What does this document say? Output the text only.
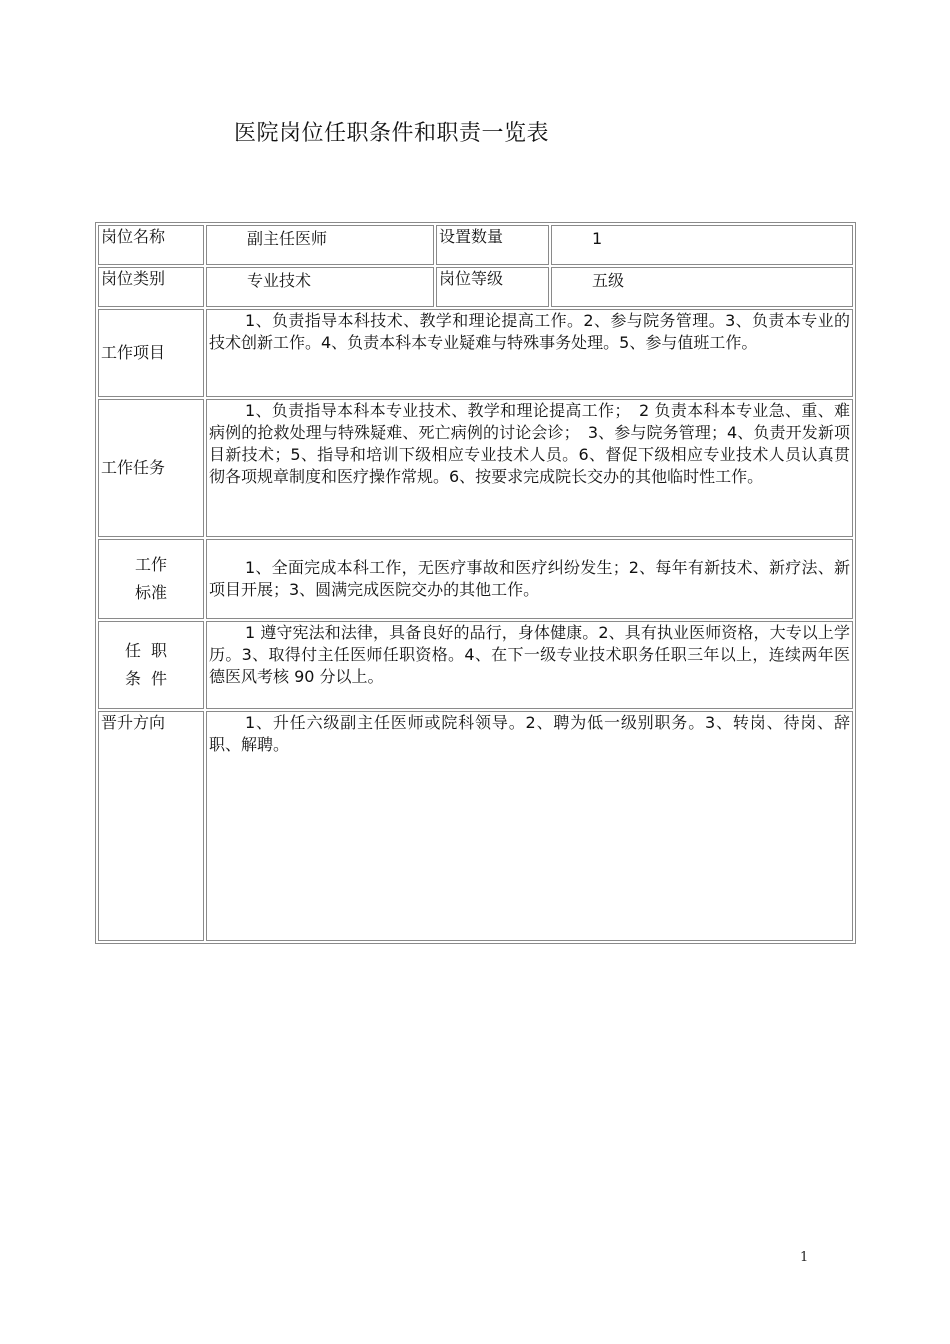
医院岗位任职条件和职责一览表
岗位名称	副主任医师	设置数量	1
岗位类别	专业技术	岗位等级	五级
工作项目	1、负责指导本科技术、教学和理论提高工作。2、参与院务管理。3、负责本专业的技术创新工作。4、负责本科本专业疑难与特殊事务处理。5、参与值班工作。		

工作任务	1、负责指导本科本专业技术、教学和理论提高工作；　2 负责本科本专业急、重、难病例的抢救处理与特殊疑难、死亡病例的讨论会诊；　3、参与院务管理；4、负责开发新项目新技术；5、指导和培训下级相应专业技术人员。6、督促下级相应专业技术人员认真贯彻各项规章制度和医疗操作常规。6、按要求完成院长交办的其他临时性工作。		

工作
标准	1、全面完成本科工作，无医疗事故和医疗纠纷发生；2、每年有新技术、新疗法、新项目开展；3、圆满完成医院交办的其他工作。		

任职
条件	1 遵守宪法和法律，具备良好的品行，身体健康。2、具有执业医师资格，大专以上学历。3、取得付主任医师任职资格。4、在下一级专业技术职务任职三年以上，连续两年医德医风考核 90 分以上。		

晋升方向	1、升任六级副主任医师或院科领导。2、聘为低一级别职务。3、转岗、待岗、辞职、解聘。		

1
